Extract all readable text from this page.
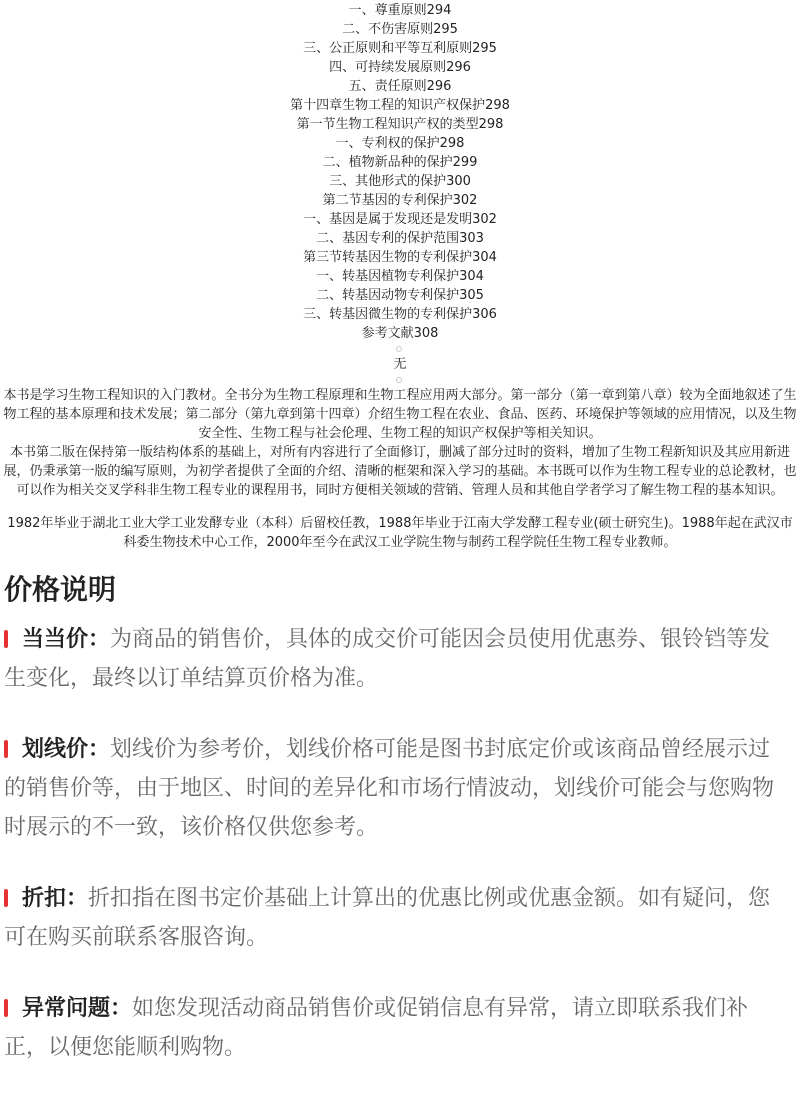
一、尊重原则294
二、不伤害原则295
三、公正原则和平等互利原则295
四、可持续发展原则296
五、责任原则296
第十四章生物工程的知识产权保护298
第一节生物工程知识产权的类型298
一、专利权的保护298
二、植物新品种的保护299
三、其他形式的保护300
第二节基因的专利保护302
一、基因是属于发现还是发明302
二、基因专利的保护范围303
第三节转基因生物的专利保护304
一、转基因植物专利保护304
二、转基因动物专利保护305
三、转基因微生物的专利保护306
参考文献308
无
本书是学习生物工程知识的入门教材。全书分为生物工程原理和生物工程应用两大部分。第一部分（第一章到第八章）较为全面地叙述了生物工程的基本原理和技术发展；第二部分（第九章到第十四章）介绍生物工程在农业、食品、医药、环境保护等领域的应用情况，以及生物安全性、生物工程与社会伦理、生物工程的知识产权保护等相关知识。
本书第二版在保持第一版结构体系的基础上，对所有内容进行了全面修订，删减了部分过时的资料，增加了生物工程新知识及其应用新进展，仍秉承第一版的编写原则，为初学者提供了全面的介绍、清晰的框架和深入学习的基础。本书既可以作为生物工程专业的总论教材，也可以作为相关交叉学科非生物工程专业的课程用书，同时方便相关领域的营销、管理人员和其他自学者学习了解生物工程的基本知识。
1982年毕业于湖北工业大学工业发酵专业（本科）后留校任教，1988年毕业于江南大学发酵工程专业(硕士研究生)。1988年起在武汉市科委生物技术中心工作，2000年至今在武汉工业学院生物与制药工程学院任生物工程专业教师。
价格说明
当当价：为商品的销售价，具体的成交价可能因会员使用优惠券、银铃铛等发生变化，最终以订单结算页价格为准。
划线价：划线价为参考价，划线价格可能是图书封底定价或该商品曾经展示过的销售价等，由于地区、时间的差异化和市场行情波动，划线价可能会与您购物时展示的不一致，该价格仅供您参考。
折扣：折扣指在图书定价基础上计算出的优惠比例或优惠金额。如有疑问，您可在购买前联系客服咨询。
异常问题：如您发现活动商品销售价或促销信息有异常，请立即联系我们补正，以便您能顺利购物。
